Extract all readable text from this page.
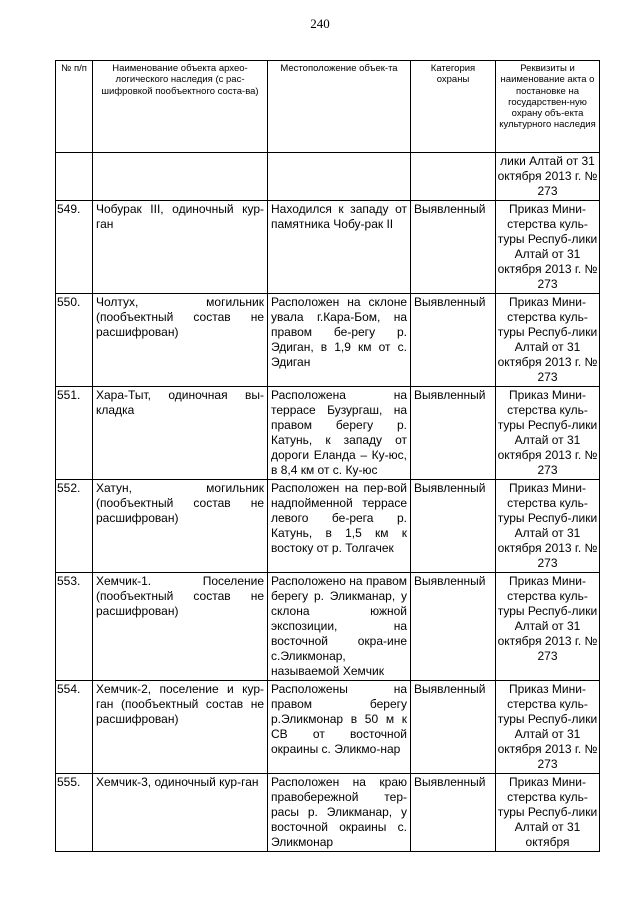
240
№ п/п	Наименование объекта архео-логического наследия (с рас-шифровкой пообъектного соста-ва)	Местоположение объек-та	Категория охраны	Реквизиты и наименование акта о постановке на государствен-ную охрану объ-екта культурного наследия
				лики Алтай от 31 октября 2013 г. № 273
549.	Чобурак III, одиночный кур-ган	Находился к западу от памятника Чобу-рак II	Выявленный	Приказ Мини-стерства куль-туры Респуб-лики Алтай от 31 октября 2013 г. № 273
550.	Чолтух, могильник (пообъектный состав не расшифрован)	Расположен на склоне увала г.Кара-Бом, на правом бе-регу р. Эдиган, в 1,9 км от с. Эдиган	Выявленный	Приказ Мини-стерства куль-туры Респуб-лики Алтай от 31 октября 2013 г. № 273
551.	Хара-Тыт, одиночная вы-кладка	Расположена на террасе Бузургаш, на правом берегу р. Катунь, к западу от дороги Еланда – Ку-юс, в 8,4 км от с. Ку-юс	Выявленный	Приказ Мини-стерства куль-туры Респуб-лики Алтай от 31 октября 2013 г. № 273
552.	Хатун, могильник (пообъектный состав не расшифрован)	Расположен на пер-вой надпойменной террасе левого бе-рега р. Катунь, в 1,5 км к востоку от р. Толгачек	Выявленный	Приказ Мини-стерства куль-туры Респуб-лики Алтай от 31 октября 2013 г. № 273
553.	Хемчик-1. Поселение (пообъектный состав не расшифрован)	Расположено на правом берегу р. Эликманар, у склона южной экспозиции, на восточной окра-ине с.Эликмонар, называемой Хемчик	Выявленный	Приказ Мини-стерства куль-туры Респуб-лики Алтай от 31 октября 2013 г. № 273
554.	Хемчик-2, поселение и кур-ган (пообъектный состав не расшифрован)	Расположены на правом берегу р.Эликмонар в 50 м к СВ от восточной окраины с. Эликмо-нар	Выявленный	Приказ Мини-стерства куль-туры Респуб-лики Алтай от 31 октября 2013 г. № 273
555.	Хемчик-3, одиночный кур-ган	Расположен на краю правобережной тер-расы р. Эликманар, у восточной окраины с. Эликмонар	Выявленный	Приказ Мини-стерства куль-туры Респуб-лики Алтай от 31 октября
